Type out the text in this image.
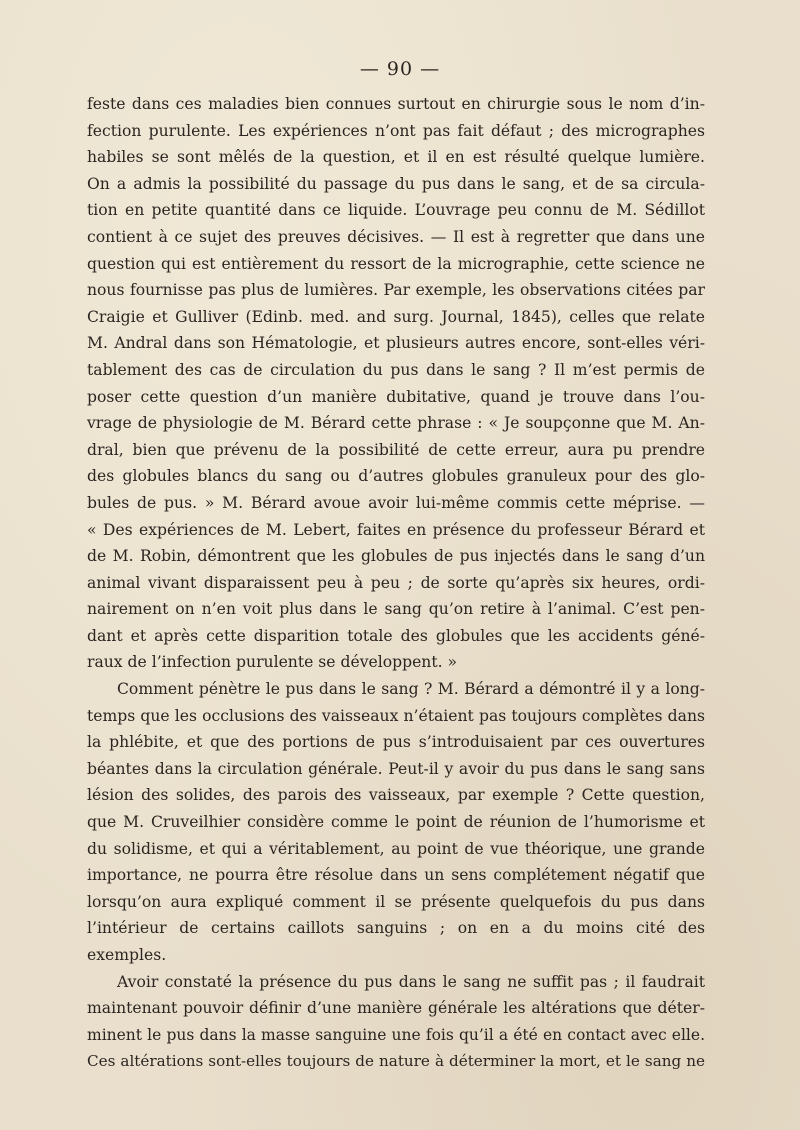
— 90 —
feste dans ces maladies bien connues surtout en chirurgie sous le nom d’in-
fection purulente. Les expériences n’ont pas fait défaut ; des micrographes
habiles se sont mêlés de la question, et il en est résulté quelque lumière.
On a admis la possibilité du passage du pus dans le sang, et de sa circula-
tion en petite quantité dans ce liquide. L’ouvrage peu connu de M. Sédillot
contient à ce sujet des preuves décisives. — Il est à regretter que dans une
question qui est entièrement du ressort de la micrographie, cette science ne
nous fournisse pas plus de lumières. Par exemple, les observations citées par
Craigie et Gulliver (Edinb. med. and surg. Journal, 1845), celles que relate
M. Andral dans son Hématologie, et plusieurs autres encore, sont-elles véri-
tablement des cas de circulation du pus dans le sang ? Il m’est permis de
poser cette question d’un manière dubitative, quand je trouve dans l’ou-
vrage de physiologie de M. Bérard cette phrase : « Je soupçonne que M. An-
dral, bien que prévenu de la possibilité de cette erreur, aura pu prendre
des globules blancs du sang ou d’autres globules granuleux pour des glo-
bules de pus. » M. Bérard avoue avoir lui-même commis cette méprise. —
« Des expériences de M. Lebert, faites en présence du professeur Bérard et
de M. Robin, démontrent que les globules de pus injectés dans le sang d’un
animal vivant disparaissent peu à peu ; de sorte qu’après six heures, ordi-
nairement on n’en voit plus dans le sang qu’on retire à l’animal. C’est pen-
dant et après cette disparition totale des globules que les accidents géné-
raux de l’infection purulente se développent. »
Comment pénètre le pus dans le sang ? M. Bérard a démontré il y a long-
temps que les occlusions des vaisseaux n’étaient pas toujours complètes dans
la phlébite, et que des portions de pus s’introduisaient par ces ouvertures
béantes dans la circulation générale. Peut-il y avoir du pus dans le sang sans
lésion des solides, des parois des vaisseaux, par exemple ? Cette question,
que M. Cruveilhier considère comme le point de réunion de l’humorisme et
du solidisme, et qui a véritablement, au point de vue théorique, une grande
importance, ne pourra être résolue dans un sens complétement négatif que
lorsqu’on aura expliqué comment il se présente quelquefois du pus dans
l’intérieur de certains caillots sanguins ; on en a du moins cité des
exemples.
Avoir constaté la présence du pus dans le sang ne suffit pas ; il faudrait
maintenant pouvoir définir d’une manière générale les altérations que déter-
minent le pus dans la masse sanguine une fois qu’il a été en contact avec elle.
Ces altérations sont-elles toujours de nature à déterminer la mort, et le sang ne
